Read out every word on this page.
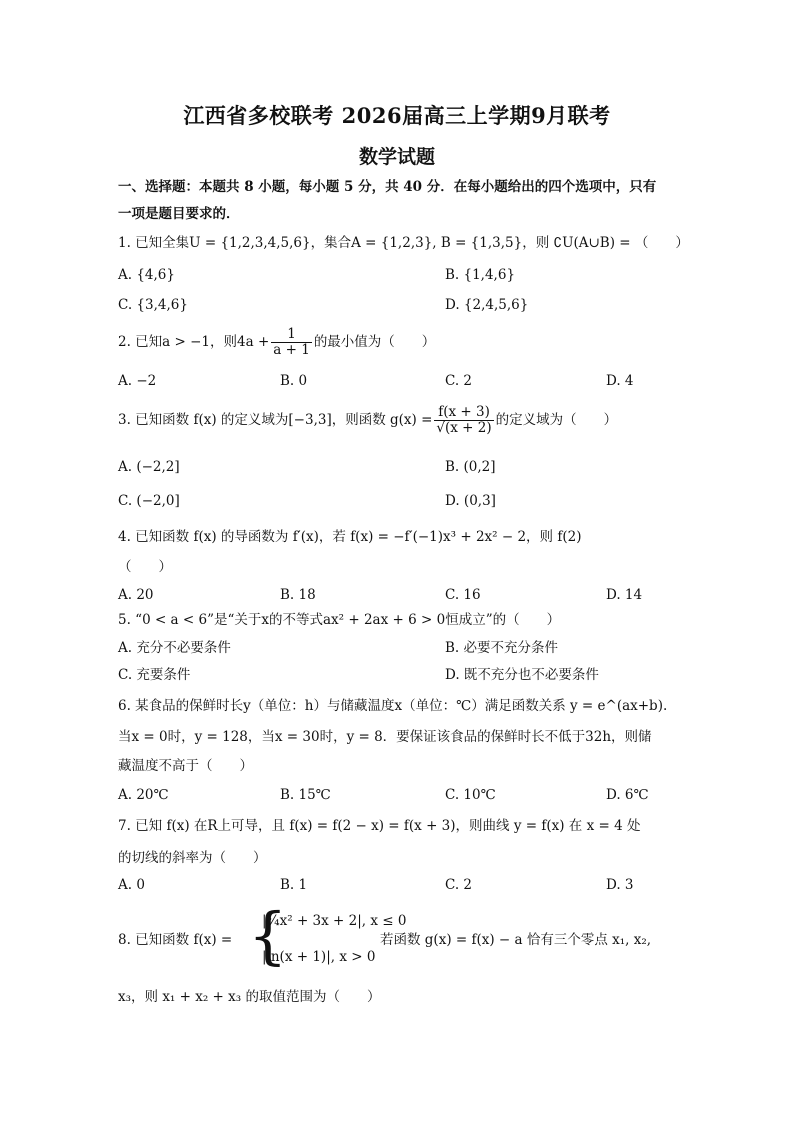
江西省多校联考 2026届高三上学期9月联考
数学试题
一、选择题：本题共 8 小题，每小题 5 分，共 40 分．在每小题给出的四个选项中，只有
一项是题目要求的．
1. 已知全集U = {1,2,3,4,5,6}，集合A = {1,2,3}, B = {1,3,5}，则 ∁U(A∪B) = （　　）
A. {4,6}	B. {1,4,6}
C. {3,4,6}	D. {2,4,5,6}
2. 已知a > −1，则$4a + \frac{1}{a + 1}$ 的最小值为（　　）
A. −2	B. 0	C. 2	D. 4
3. 已知函数 f(x) 的定义域为[−3,3]，则函数 $g(x) = \frac{f(x + 3)}{√(x + 2)}$ 的定义域为（　　）
A. (−2,2]	B. (0,2]
C. (−2,0]	D. (0,3]
4. 已知函数 f(x) 的导函数为 f′(x)，若 f(x) = −f′(−1)x³ + 2x² − 2，则 f(2)
（　　）
A. 20	B. 18	C. 16	D. 14
5. “0 < a < 6”是“关于x的不等式ax² + 2ax + 6 > 0恒成立”的（　　）
A. 充分不必要条件	B. 必要不充分条件
C. 充要条件	D. 既不充分也不必要条件
6. 某食品的保鲜时长y（单位：h）与储藏温度x（单位：℃）满足函数关系 y = e^(ax+b).
当x = 0时，y = 128，当x = 30时，y = 8．要保证该食品的保鲜时长不低于32h，则储
藏温度不高于（　　）
A. 20℃	B. 15℃	C. 10℃	D. 6℃
7. 已知 f(x) 在R上可导，且 f(x) = f(2 − x) = f(x + 3)，则曲线 y = f(x) 在 x = 4 处
的切线的斜率为（　　）
A. 0	B. 1	C. 2	D. 3
8. 已知函数 f(x) = {
|¾x² + 3x + 2|, x ≤ 0
|ln(x + 1)|, x > 0
若函数 g(x) = f(x) − a 恰有三个零点 x₁, x₂,
x₃，则 x₁ + x₂ + x₃ 的取值范围为（　　）
